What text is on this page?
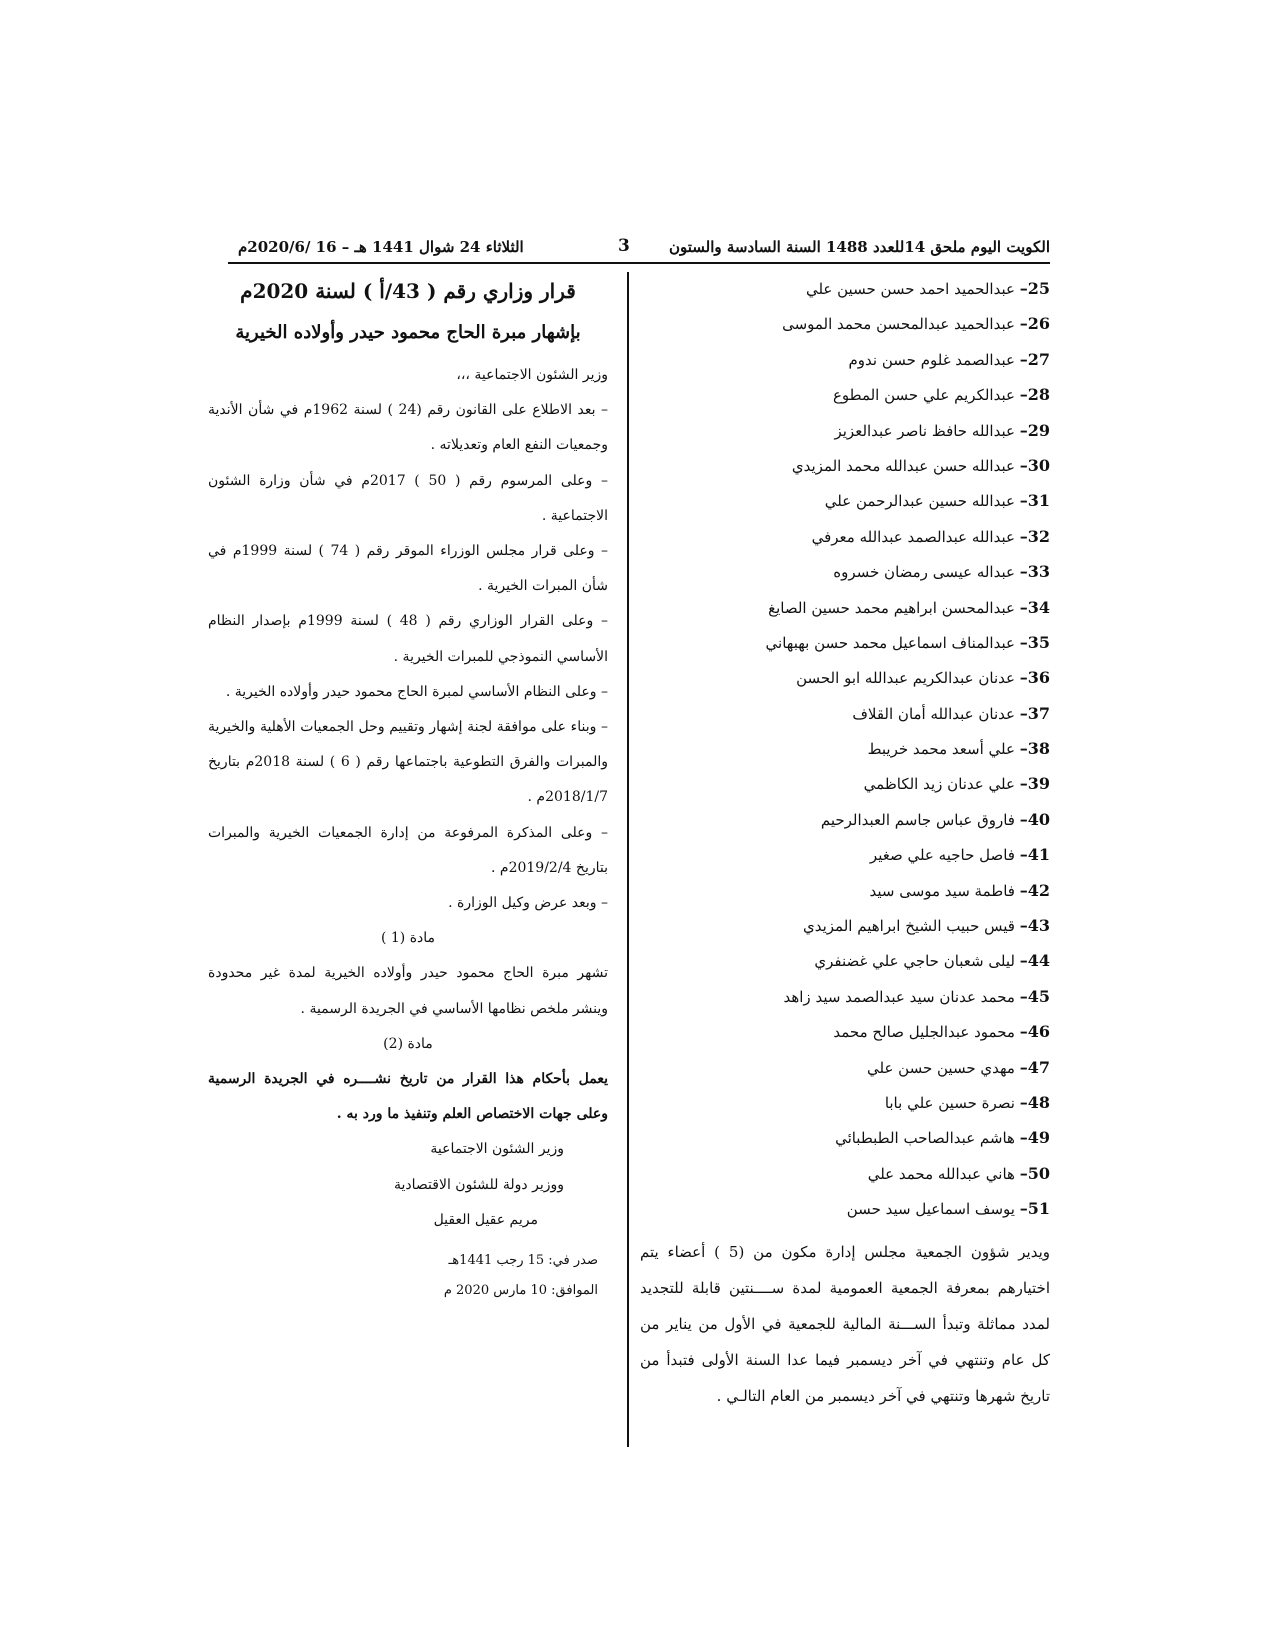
الكويت اليوم ملحق 14للعدد 1488 السنة السادسة والستون
3
الثلاثاء 24 شوال 1441 هـ – 16 /2020/6م
25– عبدالحميد احمد حسن حسين علي
26– عبدالحميد عبدالمحسن محمد الموسى
27– عبدالصمد غلوم حسن ندوم
28– عبدالكريم علي حسن المطوع
29– عبدالله حافظ ناصر عبدالعزيز
30– عبدالله حسن عبدالله محمد المزيدي
31– عبدالله حسين عبدالرحمن علي
32– عبدالله عبدالصمد عبدالله معرفي
33– عبداله عيسى رمضان خسروه
34– عبدالمحسن ابراهيم محمد حسين الصايغ
35– عبدالمناف اسماعيل محمد حسن بهبهاني
36– عدنان عبدالكريم عبدالله ابو الحسن
37– عدنان عبدالله أمان القلاف
38– علي أسعد محمد خريبط
39– علي عدنان زيد الكاظمي
40– فاروق عباس جاسم العبدالرحيم
41– فاصل حاجيه علي صغير
42– فاطمة سيد موسى سيد
43– قيس حبيب الشيخ ابراهيم المزيدي
44– ليلى شعبان حاجي علي غضنفري
45– محمد عدنان سيد عبدالصمد سيد زاهد
46– محمود عبدالجليل صالح محمد
47– مهدي حسين حسن علي
48– نصرة حسين علي بابا
49– هاشم عبدالصاحب الطبطبائي
50– هاني عبدالله محمد علي
51– يوسف اسماعيل سيد حسن
ويدير شؤون الجمعية مجلس إدارة مكون من (5 ) أعضاء يتم اختيارهم بمعرفة الجمعية العمومية لمدة ســــنتين قابلة للتجديد لمدد مماثلة وتبدأ الســـنة المالية للجمعية في الأول من يناير من كل عام وتنتهي في آخر ديسمبر فيما عدا السنة الأولى فتبدأ من تاريخ شهرها وتنتهي في آخر ديسمبر من العام التالـي .
قرار وزاري رقم ( 43/أ ) لسنة 2020م
بإشهار مبرة الحاج محمود حيدر وأولاده الخيرية
وزير الشئون الاجتماعية ،،،
– بعد الاطلاع على القانون رقم (24 ) لسنة 1962م في شأن الأندية وجمعيات النفع العام وتعديلاته .
– وعلى المرسوم رقم ( 50 ) 2017م في شأن وزارة الشئون الاجتماعية .
– وعلى قرار مجلس الوزراء الموقر رقم ( 74 ) لسنة 1999م في شأن المبرات الخيرية .
– وعلى القرار الوزاري رقم ( 48 ) لسنة 1999م بإصدار النظام الأساسي النموذجي للمبرات الخيرية .
– وعلى النظام الأساسي لمبرة الحاج محمود حيدر وأولاده الخيرية .
– وبناء على موافقة لجنة إشهار وتقييم وحل الجمعيات الأهلية والخيرية والمبرات والفرق التطوعية باجتماعها رقم ( 6 ) لسنة 2018م بتاريخ 2018/1/7م .
– وعلى المذكرة المرفوعة من إدارة الجمعيات الخيرية والمبرات بتاريخ 2019/2/4م .
– وبعد عرض وكيل الوزارة .
مادة (1 )
تشهر مبرة الحاج محمود حيدر وأولاده الخيرية لمدة غير محدودة وينشر ملخص نظامها الأساسي في الجريدة الرسمية .
مادة (2)
يعمل بأحكام هذا القرار من تاريخ نشــــره في الجريدة الرسمية وعلى جهات الاختصاص العلم وتنفيذ ما ورد به .
وزير الشئون الاجتماعية
ووزير دولة للشئون الاقتصادية
مريم عقيل العقيل
صدر في: 15 رجب 1441هـ
الموافق: 10 مارس 2020 م
